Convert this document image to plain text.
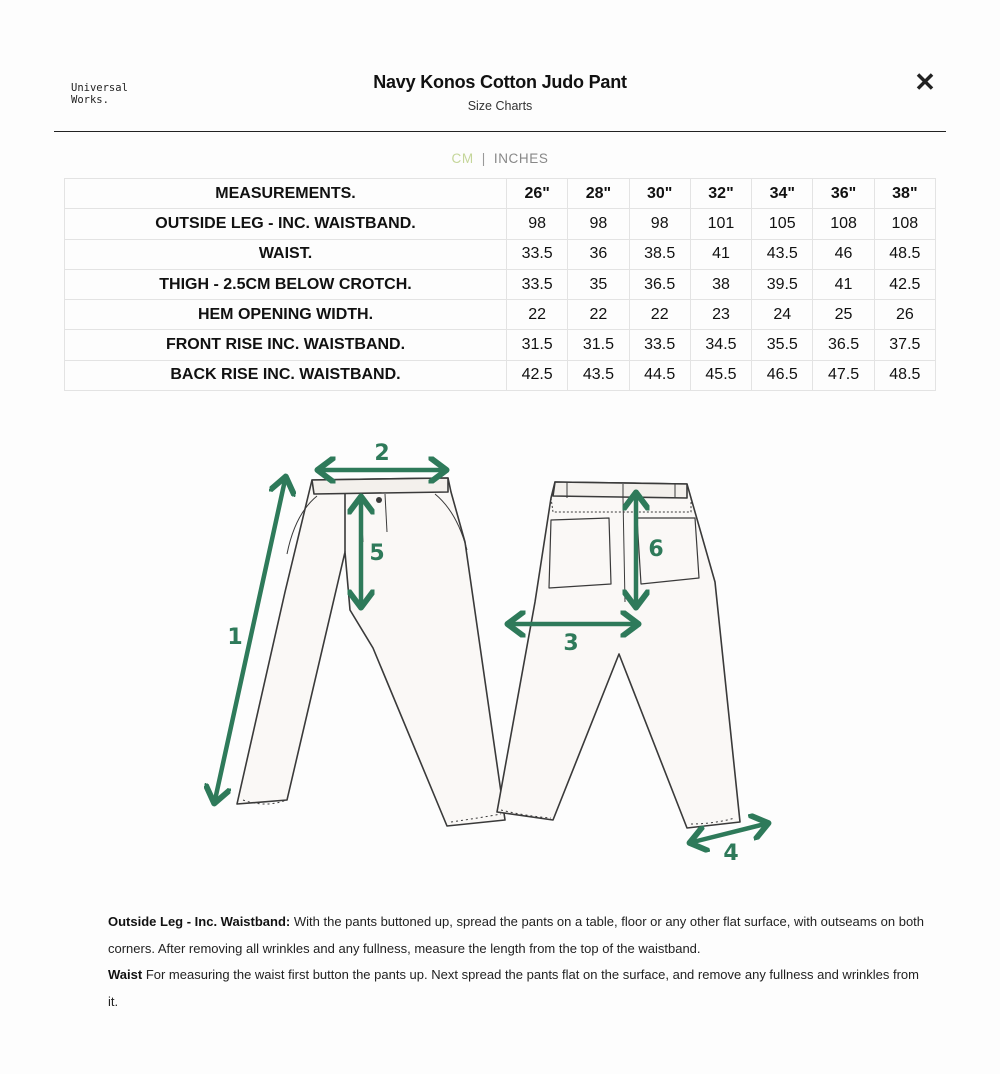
Universal
Works.
Navy Konos Cotton Judo Pant
Size Charts
✕
CM | INCHES
MEASUREMENTS.	26"	28"	30"	32"	34"	36"	38"
OUTSIDE LEG - INC. WAISTBAND.	98	98	98	101	105	108	108
WAIST.	33.5	36	38.5	41	43.5	46	48.5
THIGH - 2.5CM BELOW CROTCH.	33.5	35	36.5	38	39.5	41	42.5
HEM OPENING WIDTH.	22	22	22	23	24	25	26
FRONT RISE INC. WAISTBAND.	31.5	31.5	33.5	34.5	35.5	36.5	37.5
BACK RISE INC. WAISTBAND.	42.5	43.5	44.5	45.5	46.5	47.5	48.5
1
2
3
4
5	6
Outside Leg - Inc. Waistband: With the pants buttoned up, spread the pants on a table, floor or any other flat surface, with outseams on both corners. After removing all wrinkles and any fullness, measure the length from the top of the waistband.
Waist For measuring the waist first button the pants up. Next spread the pants flat on the surface, and remove any fullness and wrinkles from it.
